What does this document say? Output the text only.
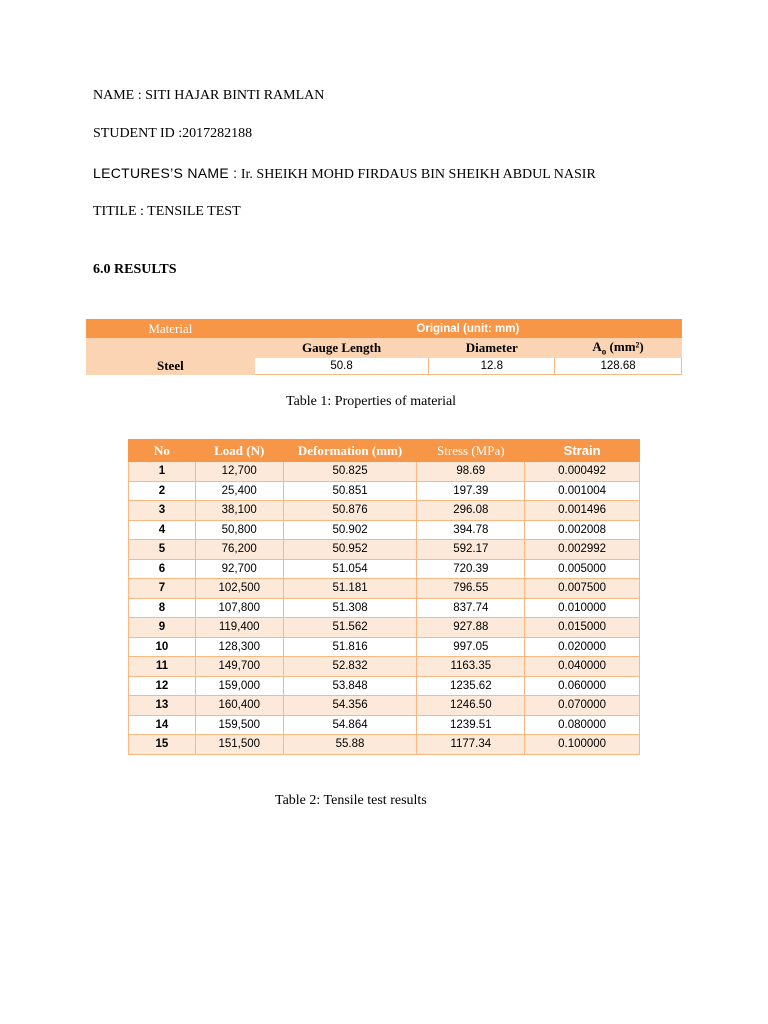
NAME : SITI HAJAR BINTI RAMLAN
STUDENT ID :2017282188
LECTURES’S NAME : Ir. SHEIKH MOHD FIRDAUS BIN SHEIKH ABDUL NASIR
TITILE : TENSILE TEST
6.0 RESULTS
Material	Original (unit: mm)		
	Gauge Length	Diameter	$A_o$ (mm²)
Steel	50.8	12.8	128.68
Table 1: Properties of material
No	Load (N)	Deformation (mm)	Stress (MPa)	Strain
1	12,700	50.825	98.69	0.000492
2	25,400	50.851	197.39	0.001004
3	38,100	50.876	296.08	0.001496
4	50,800	50.902	394.78	0.002008
5	76,200	50.952	592.17	0.002992
6	92,700	51.054	720.39	0.005000
7	102,500	51.181	796.55	0.007500
8	107,800	51.308	837.74	0.010000
9	119,400	51.562	927.88	0.015000
10	128,300	51.816	997.05	0.020000
11	149,700	52.832	1163.35	0.040000
12	159,000	53.848	1235.62	0.060000
13	160,400	54.356	1246.50	0.070000
14	159,500	54.864	1239.51	0.080000
15	151,500	55.88	1177.34	0.100000
Table 2: Tensile test results
